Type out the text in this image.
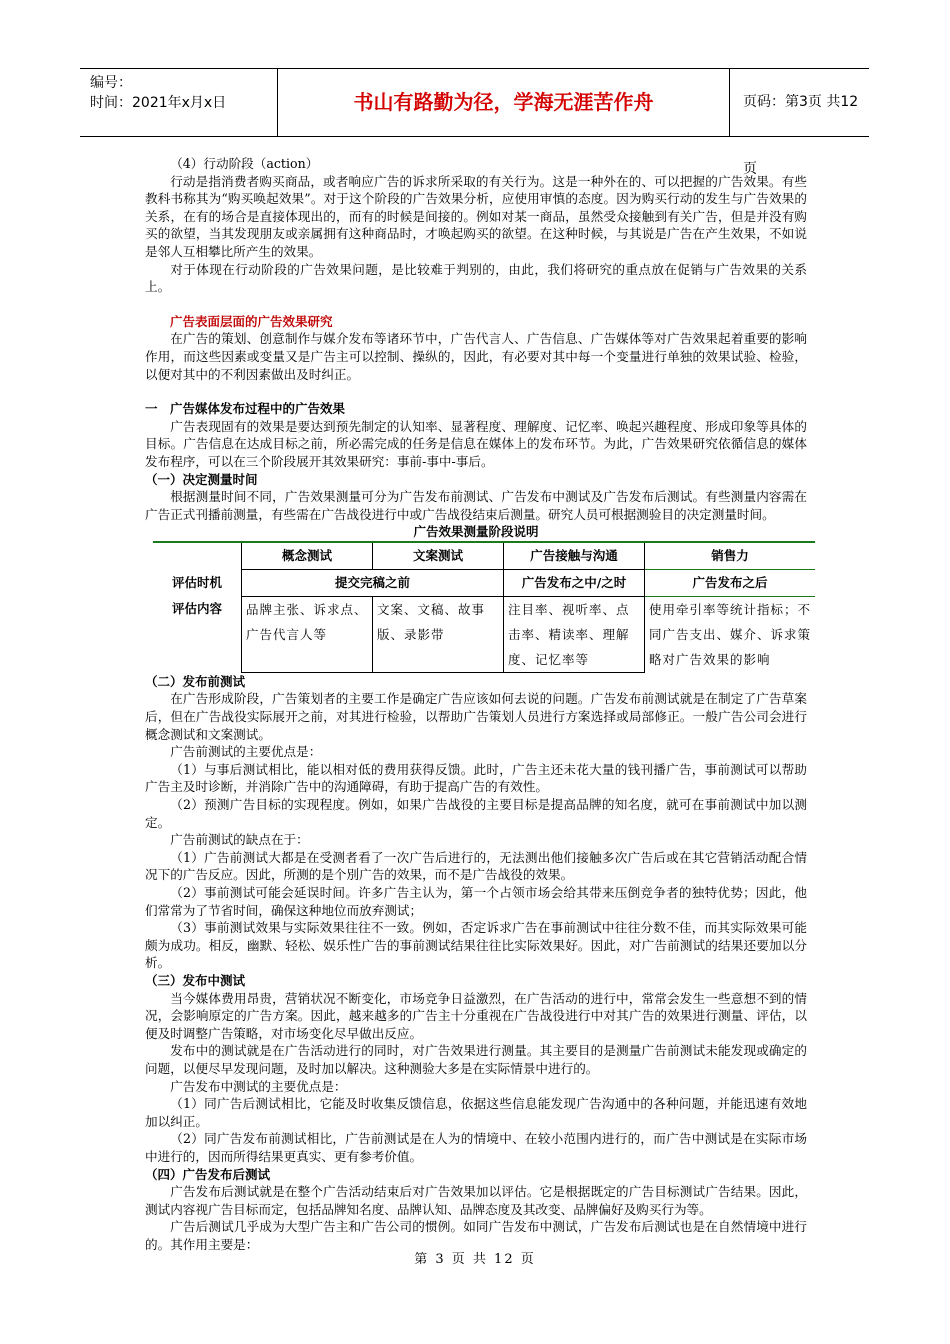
编号：
时间：2021年x月x日	书山有路勤为径，学海无涯苦作舟	页码：第3页 共12页

（4）行动阶段（action）

行动是指消费者购买商品，或者响应广告的诉求所采取的有关行为。这是一种外在的、可以把握的广告效果。有些教科书称其为“购买唤起效果”。对于这个阶段的广告效果分析，应使用审慎的态度。因为购买行动的发生与广告效果的关系，在有的场合是直接体现出的，而有的时候是间接的。例如对某一商品，虽然受众接触到有关广告，但是并没有购买的欲望，当其发现朋友或亲属拥有这种商品时，才唤起购买的欲望。在这种时候，与其说是广告在产生效果，不如说是邻人互相攀比所产生的效果。

对于体现在行动阶段的广告效果问题，是比较难于判别的，由此，我们将研究的重点放在促销与广告效果的关系上。

广告表面层面的广告效果研究

在广告的策划、创意制作与媒介发布等诸环节中，广告代言人、广告信息、广告媒体等对广告效果起着重要的影响作用，而这些因素或变量又是广告主可以控制、操纵的，因此，有必要对其中每一个变量进行单独的效果试验、检验，以便对其中的不利因素做出及时纠正。

一　广告媒体发布过程中的广告效果

广告表现固有的效果是要达到预先制定的认知率、显著程度、理解度、记忆率、唤起兴趣程度、形成印象等具体的目标。广告信息在达成目标之前，所必需完成的任务是信息在媒体上的发布环节。为此，广告效果研究依循信息的媒体发布程序，可以在三个阶段展开其效果研究：事前-事中-事后。

（一）决定测量时间

根据测量时间不同，广告效果测量可分为广告发布前测试、广告发布中测试及广告发布后测试。有些测量内容需在广告正式刊播前测量，有些需在广告战役进行中或广告战役结束后测量。研究人员可根据测验目的决定测量时间。

广告效果测量阶段说明
	概念测试	文案测试	广告接触与沟通	销售力
评估时机	提交完稿之前		广告发布之中/之时	广告发布之后
评估内容	品牌主张、诉求点、广告代言人等	文案、文稿、故事版、录影带	注目率、视听率、点击率、精读率、理解度、记忆率等	使用牵引率等统计指标；不同广告支出、媒介、诉求策略对广告效果的影响

（二）发布前测试

在广告形成阶段，广告策划者的主要工作是确定广告应该如何去说的问题。广告发布前测试就是在制定了广告草案后，但在广告战役实际展开之前，对其进行检验，以帮助广告策划人员进行方案选择或局部修正。一般广告公司会进行概念测试和文案测试。

广告前测试的主要优点是：

（1）与事后测试相比，能以相对低的费用获得反馈。此时，广告主还未花大量的钱刊播广告，事前测试可以帮助广告主及时诊断，并消除广告中的沟通障碍，有助于提高广告的有效性。

（2）预测广告目标的实现程度。例如，如果广告战役的主要目标是提高品牌的知名度，就可在事前测试中加以测定。

广告前测试的缺点在于：

（1）广告前测试大都是在受测者看了一次广告后进行的，无法测出他们接触多次广告后或在其它营销活动配合情况下的广告反应。因此，所测的是个別广告的效果，而不是广告战役的效果。

（2）事前测试可能会延误时间。许多广告主认为，第一个占领市场会给其带来压倒竞争者的独特优势；因此，他们常常为了节省时间，确保这种地位而放弃测试；

（3）事前测试效果与实际效果往往不一致。例如，否定诉求广告在事前测试中往往分数不佳，而其实际效果可能颇为成功。相反，幽默、轻松、娱乐性广告的事前测试结果往往比实际效果好。因此，对广告前测试的结果还要加以分析。

（三）发布中测试

当今媒体费用昂贵，营销状况不断变化，市场竞争日益激烈，在广告活动的进行中，常常会发生一些意想不到的情况，会影响原定的广告方案。因此，越来越多的广告主十分重视在广告战役进行中对其广告的效果进行测量、评估，以便及时调整广告策略，对市场变化尽早做出反应。

发布中的测试就是在广告活动进行的同时，对广告效果进行测量。其主要目的是测量广告前测试未能发现或确定的问题，以便尽早发现问题，及时加以解决。这种测验大多是在实际情景中进行的。

广告发布中测试的主要优点是：

（1）同广告后测试相比，它能及时收集反馈信息，依据这些信息能发现广告沟通中的各种问题，并能迅速有效地加以纠正。

（2）同广告发布前测试相比，广告前测试是在人为的情境中、在较小范围内进行的，而广告中测试是在实际市场中进行的，因而所得结果更真实、更有参考价值。

（四）广告发布后测试

广告发布后测试就是在整个广告活动结束后对广告效果加以评估。它是根据既定的广告目标测试广告结果。因此，测试内容视广告目标而定，包括品牌知名度、品牌认知、品牌态度及其改变、品牌偏好及购买行为等。

广告后测试几乎成为大型广告主和广告公司的惯例。如同广告发布中测试，广告发布后测试也是在自然情境中进行的。其作用主要是：

第 3 页 共 12 页
